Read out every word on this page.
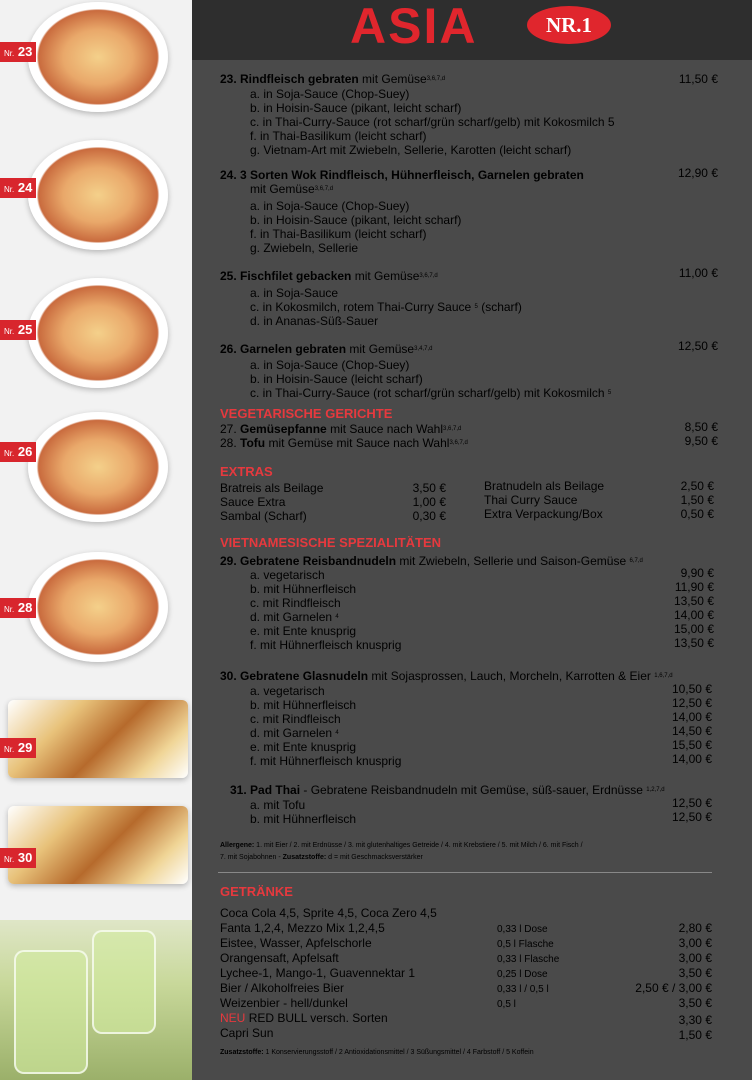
Nr. 23
Nr. 24
Nr. 25
Nr. 26
Nr. 28
Nr. 29
Nr. 30
ASIA	NR.1
23. Rindfleisch gebraten mit Gemüse$^{3,6,7,d}$	11,50 €
a. in Soja-Sauce (Chop-Suey)
b. in Hoisin-Sauce (pikant, leicht scharf)
c. in Thai-Curry-Sauce (rot scharf/grün scharf/gelb) mit Kokosmilch 5
f. in Thai-Basilikum (leicht scharf)
g. Vietnam-Art mit Zwiebeln, Sellerie, Karotten (leicht scharf)
24. 3 Sorten Wok Rindfleisch, Hühnerfleisch, Garnelen gebraten	12,90 €
mit Gemüse$^{3,6,7,d}$
a. in Soja-Sauce (Chop-Suey)
b. in Hoisin-Sauce (pikant, leicht scharf)
f. in Thai-Basilikum (leicht scharf)
g. Zwiebeln, Sellerie
25. Fischfilet gebacken mit Gemüse$^{3,6,7,d}$	11,00 €
a. in Soja-Sauce
c. in Kokosmilch, rotem Thai-Curry Sauce $^5$ (scharf)
d. in Ananas-Süß-Sauer
26. Garnelen gebraten mit Gemüse$^{3,4,7,d}$	12,50 €
a. in Soja-Sauce (Chop-Suey)
b. in Hoisin-Sauce (leicht scharf)
c. in Thai-Curry-Sauce (rot scharf/grün scharf/gelb) mit Kokosmilch $^5$
VEGETARISCHE GERICHTE
27. Gemüsepfanne mit Sauce nach Wahl$^{3,6,7,d}$	8,50 €
28. Tofu mit Gemüse mit Sauce nach Wahl$^{3,6,7,d}$	9,50 €
EXTRAS
Bratreis als Beilage	3,50 €
Sauce Extra	1,00 €
Sambal (Scharf)	0,30 €
Bratnudeln als Beilage	2,50 €
Thai Curry Sauce	1,50 €
Extra Verpackung/Box	0,50 €
VIETNAMESISCHE SPEZIALITÄTEN
29. Gebratene Reisbandnudeln mit Zwiebeln, Sellerie und Saison-Gemüse $^{6,7,d}$
a. vegetarisch	9,90 €
b. mit Hühnerfleisch	11,90 €
c. mit Rindfleisch	13,50 €
d. mit Garnelen $^4$	14,00 €
e. mit Ente knusprig	15,00 €
f. mit Hühnerfleisch knusprig	13,50 €
30. Gebratene Glasnudeln mit Sojasprossen, Lauch, Morcheln, Karrotten & Eier $^{1,6,7,d}$
a. vegetarisch	10,50 €
b. mit Hühnerfleisch	12,50 €
c. mit Rindfleisch	14,00 €
d. mit Garnelen $^4$	14,50 €
e. mit Ente knusprig	15,50 €
f. mit Hühnerfleisch knusprig	14,00 €
31. Pad Thai - Gebratene Reisbandnudeln mit Gemüse, süß-sauer, Erdnüsse $^{1,2,7,d}$
a. mit Tofu	12,50 €
b. mit Hühnerfleisch	12,50 €
Allergene: 1. mit Eier / 2. mit Erdnüsse / 3. mit glutenhaltiges Getreide / 4. mit Krebstiere / 5. mit Milch / 6. mit Fisch /
7. mit Sojabohnen - Zusatzstoffe: d = mit Geschmacksverstärker
GETRÄNKE
Coca Cola 4,5, Sprite 4,5, Coca Zero 4,5
Fanta 1,2,4, Mezzo Mix 1,2,4,5	0,33 l Dose	2,80 €
Eistee, Wasser, Apfelschorle	0,5 l Flasche	3,00 €
Orangensaft, Apfelsaft	0,33 l Flasche	3,00 €
Lychee-1, Mango-1, Guavennektar 1	0,25 l Dose	3,50 €
Bier / Alkoholfreies Bier	0,33 l / 0,5 l	2,50 € / 3,00 €
Weizenbier - hell/dunkel	0,5 l	3,50 €
NEU RED BULL versch. Sorten	3,30 €
Capri Sun	1,50 €
Zusatzstoffe: 1 Konservierungsstoff / 2 Antioxidationsmittel / 3 Süßungsmittel / 4 Farbstoff / 5 Koffein
